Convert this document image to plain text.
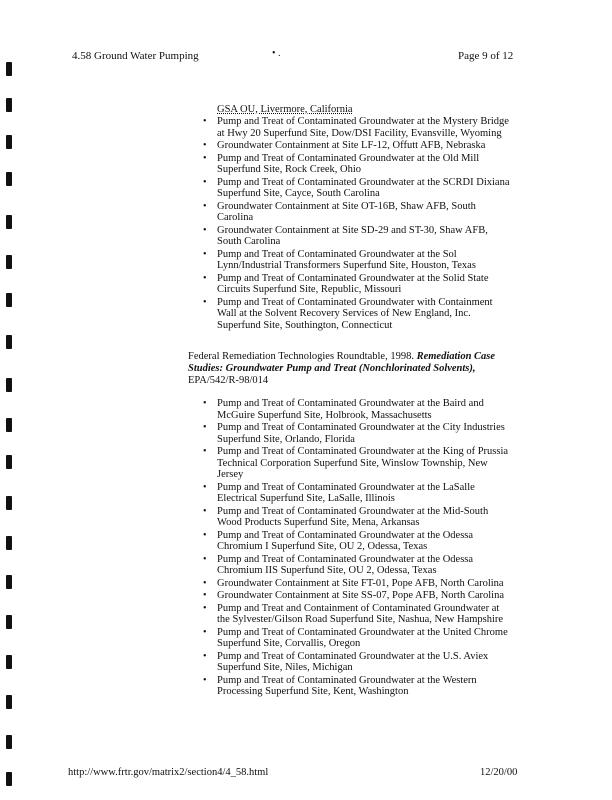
4.58 Ground Water Pumping	• .	Page 9 of 12
GSA OU, Livermore, California
• Pump and Treat of Contaminated Groundwater at the Mystery Bridge at Hwy 20 Superfund Site, Dow/DSI Facility, Evansville, Wyoming
• Groundwater Containment at Site LF-12, Offutt AFB, Nebraska
• Pump and Treat of Contaminated Groundwater at the Old Mill Superfund Site, Rock Creek, Ohio
• Pump and Treat of Contaminated Groundwater at the SCRDI Dixiana Superfund Site, Cayce, South Carolina
• Groundwater Containment at Site OT-16B, Shaw AFB, South Carolina
• Groundwater Containment at Site SD-29 and ST-30, Shaw AFB, South Carolina
• Pump and Treat of Contaminated Groundwater at the Sol Lynn/Industrial Transformers Superfund Site, Houston, Texas
• Pump and Treat of Contaminated Groundwater at the Solid State Circuits Superfund Site, Republic, Missouri
• Pump and Treat of Contaminated Groundwater with Containment Wall at the Solvent Recovery Services of New England, Inc. Superfund Site, Southington, Connecticut
Federal Remediation Technologies Roundtable, 1998. Remediation Case Studies: Groundwater Pump and Treat (Nonchlorinated Solvents), EPA/542/R-98/014
• Pump and Treat of Contaminated Groundwater at the Baird and McGuire Superfund Site, Holbrook, Massachusetts
• Pump and Treat of Contaminated Groundwater at the City Industries Superfund Site, Orlando, Florida
• Pump and Treat of Contaminated Groundwater at the King of Prussia Technical Corporation Superfund Site, Winslow Township, New Jersey
• Pump and Treat of Contaminated Groundwater at the LaSalle Electrical Superfund Site, LaSalle, Illinois
• Pump and Treat of Contaminated Groundwater at the Mid-South Wood Products Superfund Site, Mena, Arkansas
• Pump and Treat of Contaminated Groundwater at the Odessa Chromium I Superfund Site, OU 2, Odessa, Texas
• Pump and Treat of Contaminated Groundwater at the Odessa Chromium IIS Superfund Site, OU 2, Odessa, Texas
• Groundwater Containment at Site FT-01, Pope AFB, North Carolina
• Groundwater Containment at Site SS-07, Pope AFB, North Carolina
• Pump and Treat and Containment of Contaminated Groundwater at the Sylvester/Gilson Road Superfund Site, Nashua, New Hampshire
• Pump and Treat of Contaminated Groundwater at the United Chrome Superfund Site, Corvallis, Oregon
• Pump and Treat of Contaminated Groundwater at the U.S. Aviex Superfund Site, Niles, Michigan
• Pump and Treat of Contaminated Groundwater at the Western Processing Superfund Site, Kent, Washington
http://www.frtr.gov/matrix2/section4/4_58.html	12/20/00
